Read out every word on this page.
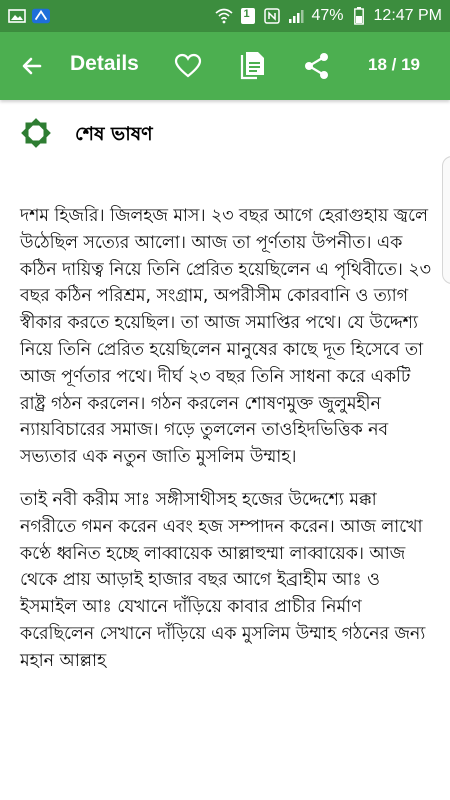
1	47% 12:47 PM
Details	18 / 19
শেষ ভাষণ

দশম হিজরি। জিলহজ মাস। ২৩ বছর আগে হেরাগুহায় জ্বলে উঠেছিল সত্যের আলো। আজ তা পূর্ণতায় উপনীত। এক কঠিন দায়িত্ব নিয়ে তিনি প্রেরিত হয়েছিলেন এ পৃথিবীতে। ২৩ বছর কঠিন পরিশ্রম, সংগ্রাম, অপরীসীম কোরবানি ও ত্যাগ স্বীকার করতে হয়েছিল। তা আজ সমাপ্তির পথে। যে উদ্দেশ্য নিয়ে তিনি প্রেরিত হয়েছিলেন মানুষের কাছে দূত হিসেবে তা আজ পূর্ণতার পথে। দীর্ঘ ২৩ বছর তিনি সাধনা করে একটি রাষ্ট্র গঠন করলেন। গঠন করলেন শোষণমুক্ত জুলুমহীন ন্যায়বিচারের সমাজ। গড়ে তুললেন তাওহিদভিত্তিক নব সভ্যতার এক নতুন জাতি মুসলিম উম্মাহ।

তাই নবী করীম সাঃ সঙ্গীসাথীসহ হজের উদ্দেশ্যে মক্কা নগরীতে গমন করেন এবং হজ সম্পাদন করেন। আজ লাখো কণ্ঠে ধ্বনিত হচ্ছে লাব্বায়েক আল্লাহুম্মা লাব্বায়েক। আজ থেকে প্রায় আড়াই হাজার বছর আগে ইব্রাহীম আঃ ও ইসমাইল আঃ যেখানে দাঁড়িয়ে কাবার প্রাচীর নির্মাণ করেছিলেন সেখানে দাঁড়িয়ে এক মুসলিম উম্মাহ গঠনের জন্য মহান আল্লাহ
